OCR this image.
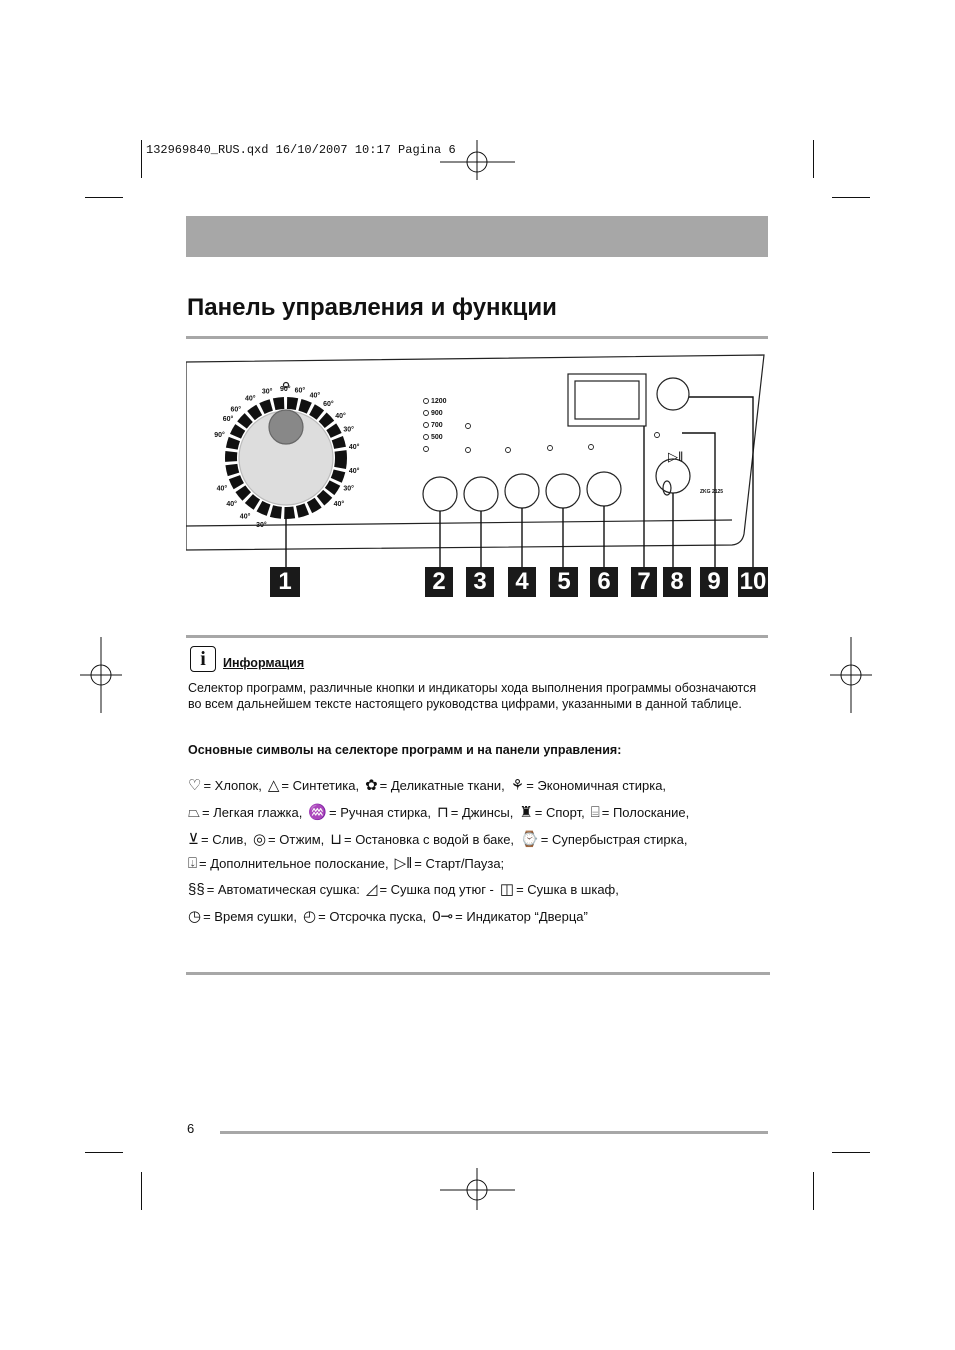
132969840_RUS.qxd 16/10/2007 10:17 Pagina 6
Панель управления и функции
90°
60°
60°
40°
30° 90° 60°
40°
60°
40°
30°
40°
40°
30°
40°
30°
40°
40°
40°
1200
900
700
500
ZKG 2125
▷‖
1	2	3	4	5	6	7 8 9 10
i	Информация
Селектор программ, различные кнопки и индикаторы хода выполнения программы обозначаются во всем дальнейшем тексте настоящего руководства цифрами, указанными в данной таблице.
Основные символы на селекторе программ и на панели управления:
♡ = Хлопок, △ = Синтетика, ✿ = Деликатные ткани, ⚘ = Экономичная стирка,
⏢ = Легкая глажка, ♒ = Ручная стирка, ⊓ = Джинсы, ♜ = Спорт, ⌸ = Полоскание,
⊻ = Слив, ◎ = Отжим, ⊔ = Остановка с водой в баке, ⌚ = Супербыстрая стирка,
⍗ = Дополнительное полоскание, ▷‖ = Старт/Пауза;
§§ = Автоматическая сушка: ◿ = Сушка под утюг - ◫ = Сушка в шкаф,
◷ = Время сушки, ◴ = Отсрочка пуска, 0⊸ = Индикатор “Дверца”
6
